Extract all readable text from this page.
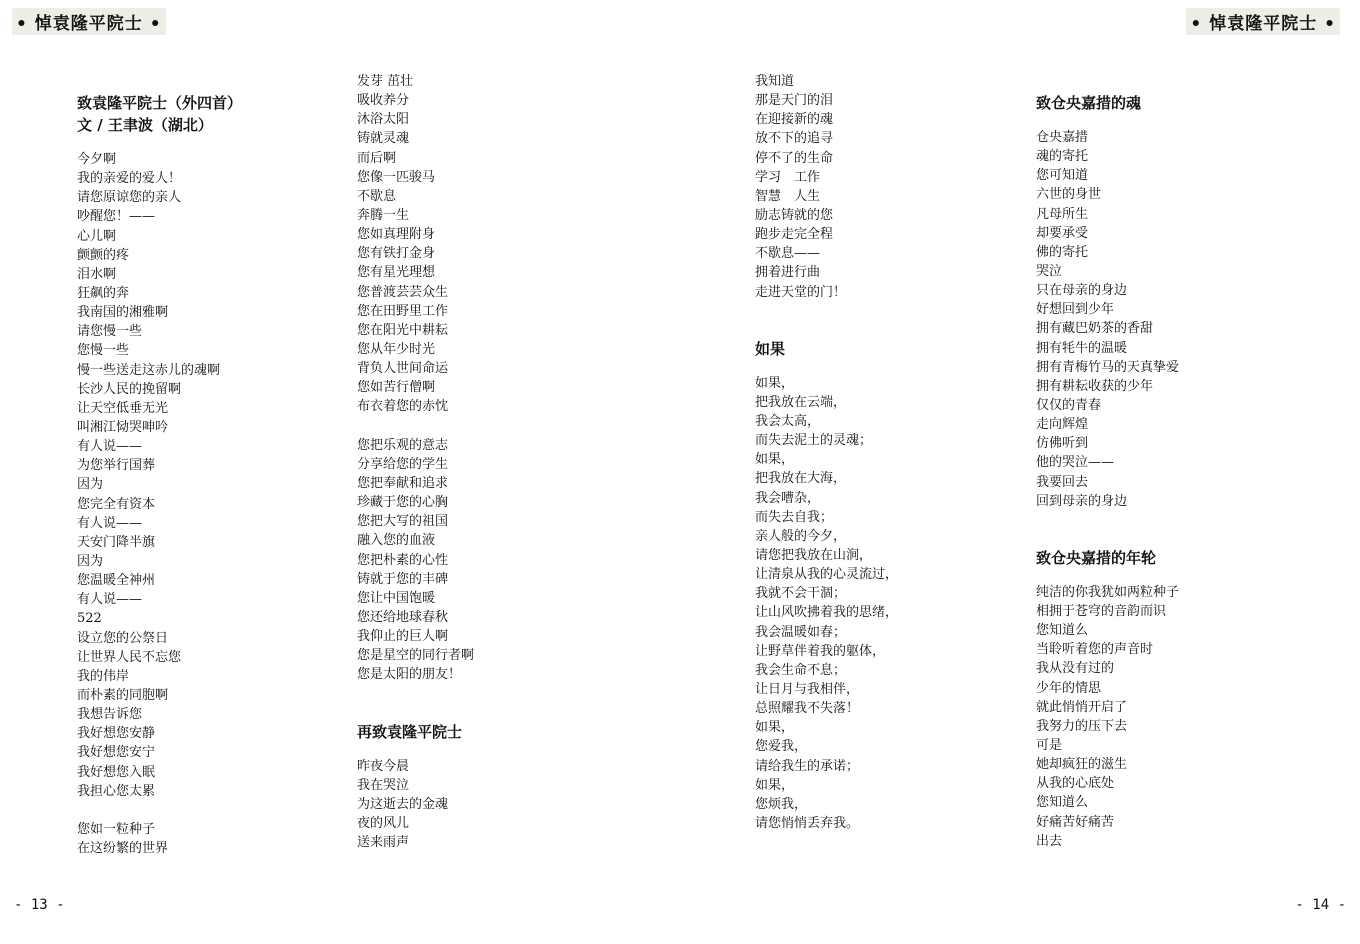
• 悼袁隆平院士 •	• 悼袁隆平院士 •
致袁隆平院士（外四首）
文 / 王聿波（湖北）
今夕啊
我的亲爱的爱人！
请您原谅您的亲人
吵醒您！——
心儿啊
颤颤的疼
泪水啊
狂飙的奔
我南国的湘雅啊
请您慢一些
您慢一些
慢一些送走这赤儿的魂啊
长沙人民的挽留啊
让天空低垂无光
叫湘江恸哭呻吟
有人说——
为您举行国葬
因为
您完全有资本
有人说——
天安门降半旗
因为
您温暖全神州
有人说——
522
设立您的公祭日
让世界人民不忘您
我的伟岸
而朴素的同胞啊
我想告诉您
我好想您安静
我好想您安宁
我好想您入眠
我担心您太累
您如一粒种子
在这纷繁的世界
发芽 茁壮
吸收养分
沐浴太阳
铸就灵魂
而后啊
您像一匹骏马
不歇息
奔腾一生
您如真理附身
您有铁打金身
您有星光理想
您普渡芸芸众生
您在田野里工作
您在阳光中耕耘
您从年少时光
背负人世间命运
您如苦行僧啊
布衣着您的赤忱
您把乐观的意志
分享给您的学生
您把奉献和追求
珍藏于您的心胸
您把大写的祖国
融入您的血液
您把朴素的心性
铸就于您的丰碑
您让中国饱暖
您还给地球春秋
我仰止的巨人啊
您是星空的同行者啊
您是太阳的朋友！
再致袁隆平院士
昨夜今晨
我在哭泣
为这逝去的金魂
夜的风儿
送来雨声
我知道
那是天门的泪
在迎接新的魂
放不下的追寻
停不了的生命
学习　工作
智慧　人生
励志铸就的您
跑步走完全程
不歇息——
拥着进行曲
走进天堂的门！
如果
如果，
把我放在云端，
我会太高，
而失去泥土的灵魂；
如果，
把我放在大海，
我会嘈杂，
而失去自我；
亲人般的今夕，
请您把我放在山涧，
让清泉从我的心灵流过，
我就不会干涸；
让山风吹拂着我的思绪，
我会温暖如春；
让野草伴着我的躯体，
我会生命不息；
让日月与我相伴，
总照耀我不失落！
如果，
您爱我，
请给我生的承诺；
如果，
您烦我，
请您悄悄丢弃我。
致仓央嘉措的魂
仓央嘉措
魂的寄托
您可知道
六世的身世
凡母所生
却要承受
佛的寄托
哭泣
只在母亲的身边
好想回到少年
拥有藏巴奶茶的香甜
拥有牦牛的温暖
拥有青梅竹马的天真挚爱
拥有耕耘收获的少年
仅仅的青春
走向辉煌
仿佛听到
他的哭泣——
我要回去
回到母亲的身边
致仓央嘉措的年轮
纯洁的你我犹如两粒种子
相拥于苍穹的音韵而识
您知道么
当聆听着您的声音时
我从没有过的
少年的情思
就此悄悄开启了
我努力的压下去
可是
她却疯狂的滋生
从我的心底处
您知道么
好痛苦好痛苦
出去
- 13 -	- 14 -
